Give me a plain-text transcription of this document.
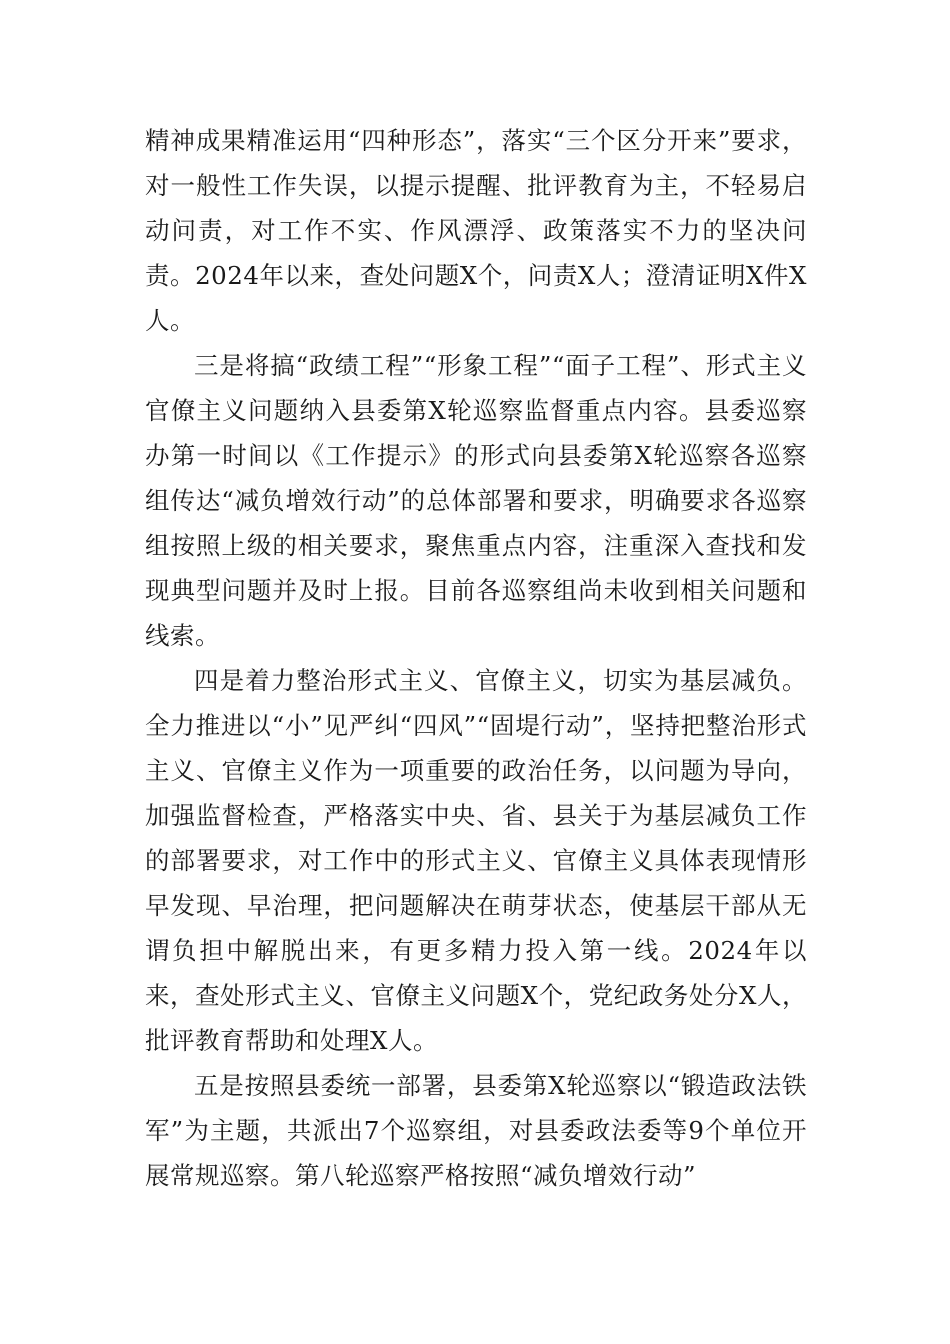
精神成果精准运用“四种形态”，落实“三个区分开来”要求，对一般性工作失误，以提示提醒、批评教育为主，不轻易启动问责，对工作不实、作风漂浮、政策落实不力的坚决问责。2024年以来，查处问题X个，问责X人；澄清证明X件X人。

三是将搞“政绩工程”“形象工程”“面子工程”、形式主义官僚主义问题纳入县委第X轮巡察监督重点内容。县委巡察办第一时间以《工作提示》的形式向县委第X轮巡察各巡察组传达“减负增效行动”的总体部署和要求，明确要求各巡察组按照上级的相关要求，聚焦重点内容，注重深入查找和发现典型问题并及时上报。目前各巡察组尚未收到相关问题和线索。

四是着力整治形式主义、官僚主义，切实为基层减负。全力推进以“小”见严纠“四风”“固堤行动”，坚持把整治形式主义、官僚主义作为一项重要的政治任务，以问题为导向，加强监督检查，严格落实中央、省、县关于为基层减负工作的部署要求，对工作中的形式主义、官僚主义具体表现情形早发现、早治理，把问题解决在萌芽状态，使基层干部从无谓负担中解脱出来，有更多精力投入第一线。2024年以来，查处形式主义、官僚主义问题X个，党纪政务处分X人，批评教育帮助和处理X人。

五是按照县委统一部署，县委第X轮巡察以“锻造政法铁军”为主题，共派出7个巡察组，对县委政法委等9个单位开展常规巡察。第八轮巡察严格按照“减负增效行动”
